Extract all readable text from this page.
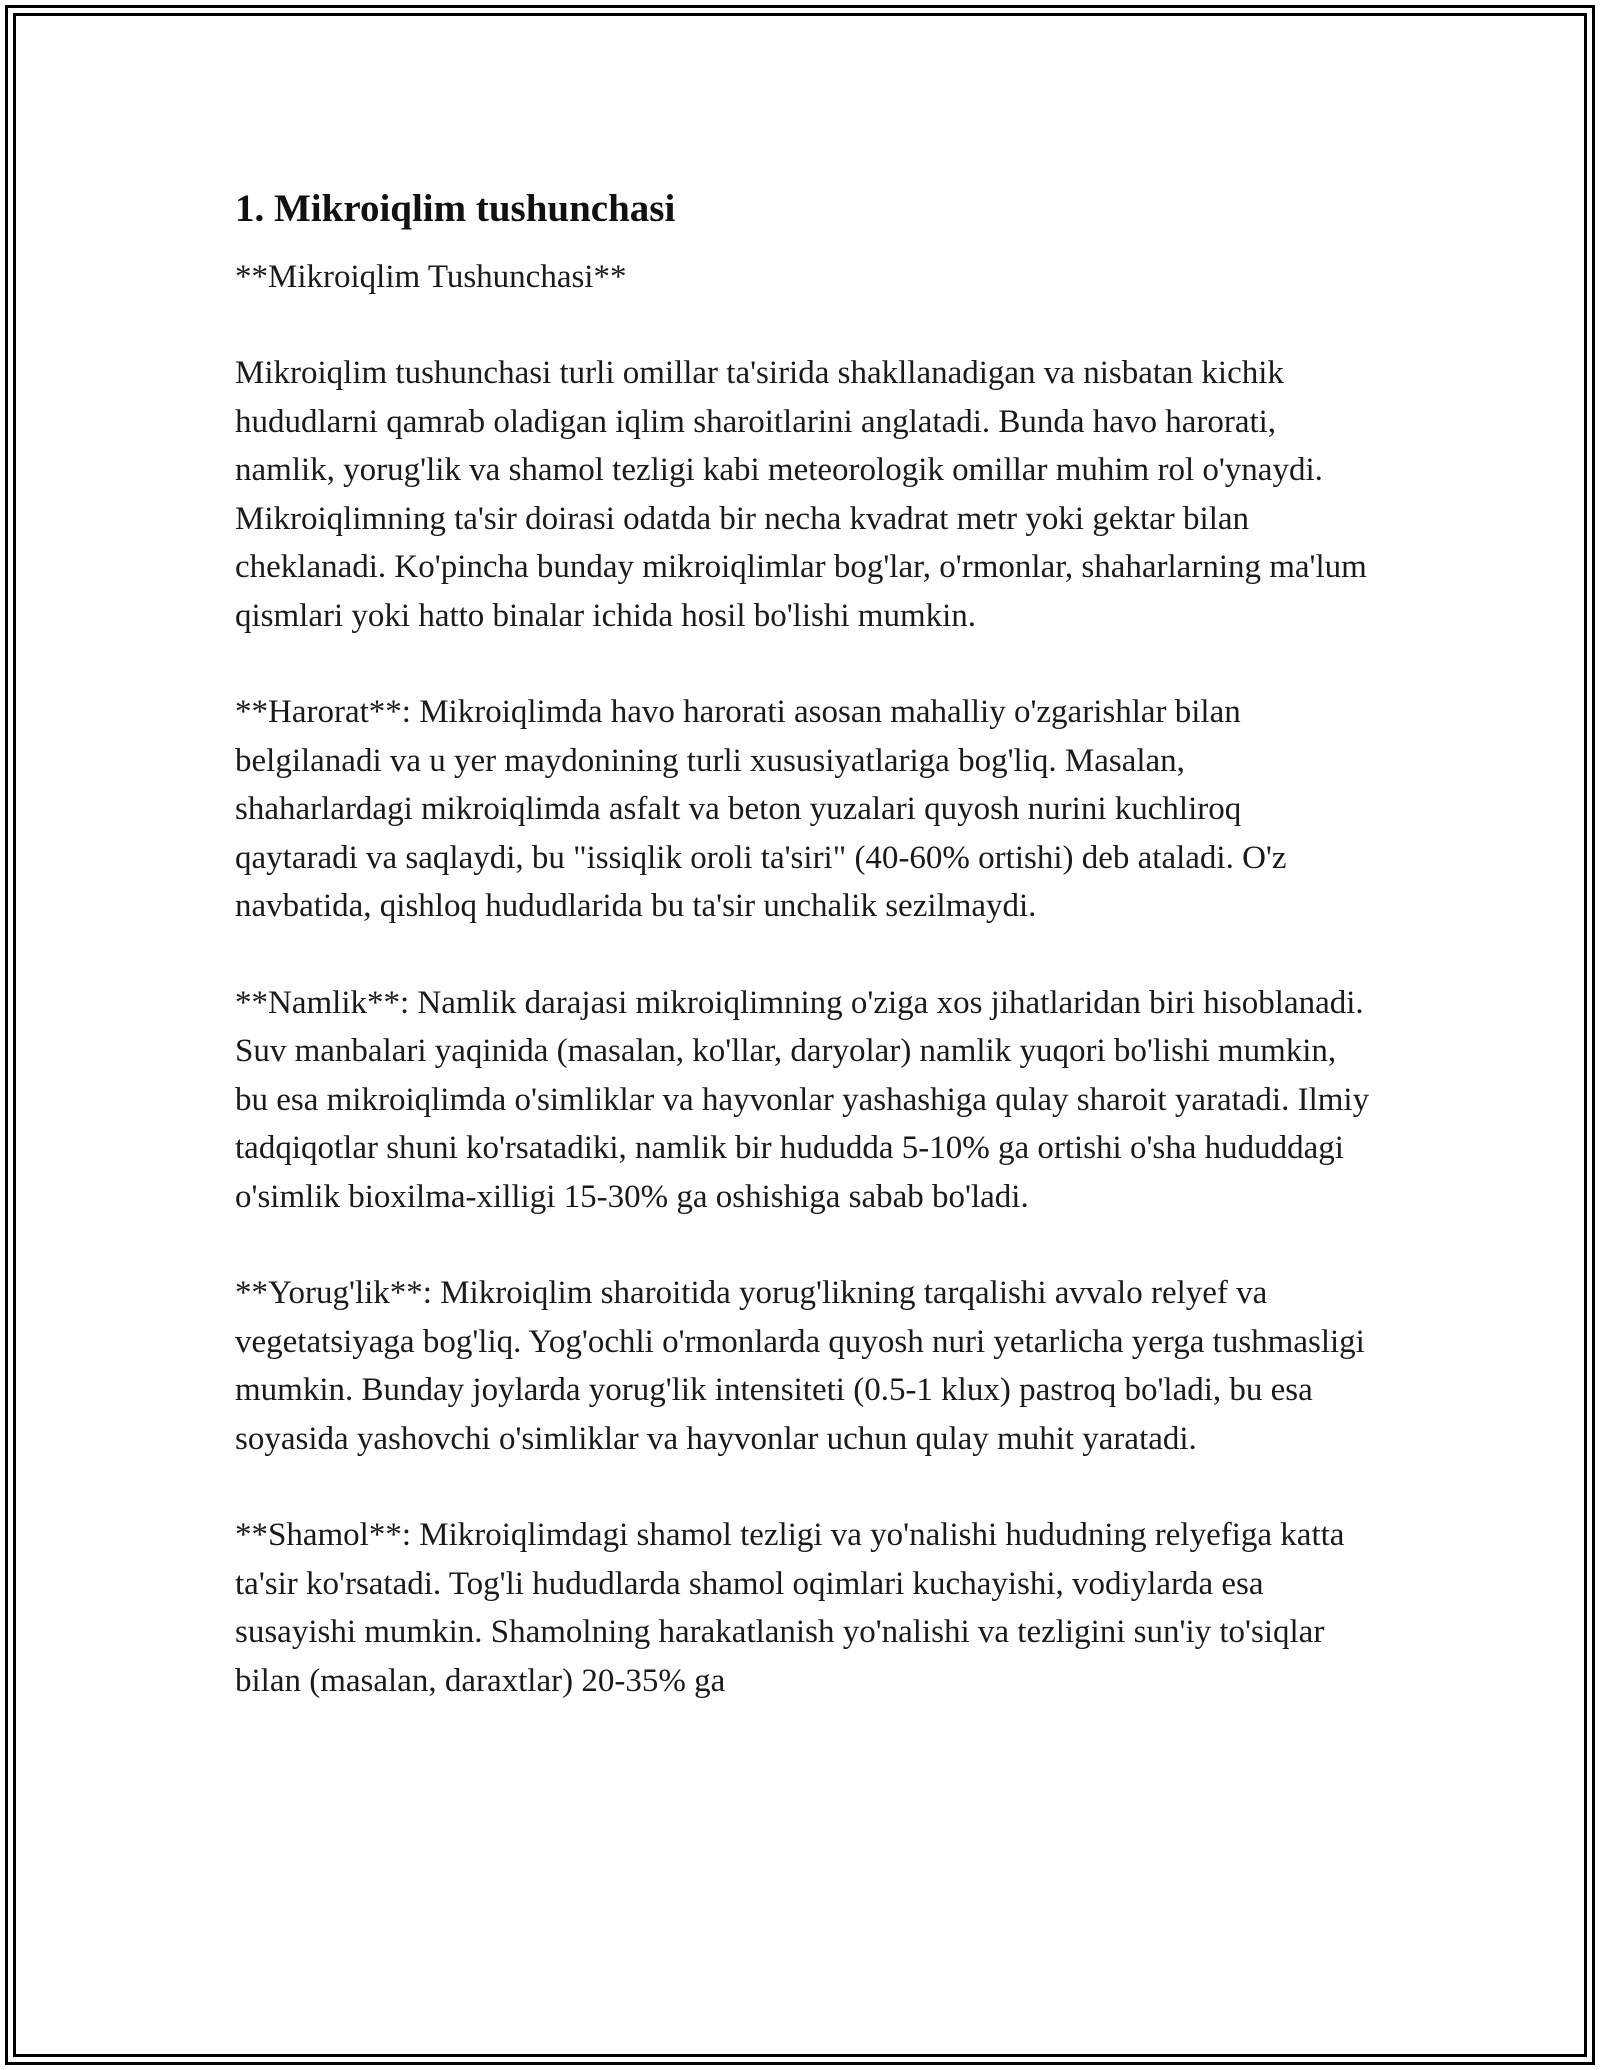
1. Mikroiqlim tushunchasi

**Mikroiqlim Tushunchasi**

Mikroiqlim tushunchasi turli omillar ta'sirida shakllanadigan va nisbatan kichik hududlarni qamrab oladigan iqlim sharoitlarini anglatadi. Bunda havo harorati, namlik, yorug'lik va shamol tezligi kabi meteorologik omillar muhim rol o'ynaydi. Mikroiqlimning ta'sir doirasi odatda bir necha kvadrat metr yoki gektar bilan cheklanadi. Ko'pincha bunday mikroiqlimlar bog'lar, o'rmonlar, shaharlarning ma'lum qismlari yoki hatto binalar ichida hosil bo'lishi mumkin.

**Harorat**: Mikroiqlimda havo harorati asosan mahalliy o'zgarishlar bilan belgilanadi va u yer maydonining turli xususiyatlariga bog'liq. Masalan, shaharlardagi mikroiqlimda asfalt va beton yuzalari quyosh nurini kuchliroq qaytaradi va saqlaydi, bu "issiqlik oroli ta'siri" (40-60% ortishi) deb ataladi. O'z navbatida, qishloq hududlarida bu ta'sir unchalik sezilmaydi.

**Namlik**: Namlik darajasi mikroiqlimning o'ziga xos jihatlaridan biri hisoblanadi. Suv manbalari yaqinida (masalan, ko'llar, daryolar) namlik yuqori bo'lishi mumkin, bu esa mikroiqlimda o'simliklar va hayvonlar yashashiga qulay sharoit yaratadi. Ilmiy tadqiqotlar shuni ko'rsatadiki, namlik bir hududda 5-10% ga ortishi o'sha hududdagi o'simlik bioxilma-xilligi 15-30% ga oshishiga sabab bo'ladi.

**Yorug'lik**: Mikroiqlim sharoitida yorug'likning tarqalishi avvalo relyef va vegetatsiyaga bog'liq. Yog'ochli o'rmonlarda quyosh nuri yetarlicha yerga tushmasligi mumkin. Bunday joylarda yorug'lik intensiteti (0.5-1 klux) pastroq bo'ladi, bu esa soyasida yashovchi o'simliklar va hayvonlar uchun qulay muhit yaratadi.

**Shamol**: Mikroiqlimdagi shamol tezligi va yo'nalishi hududning relyefiga katta ta'sir ko'rsatadi. Tog'li hududlarda shamol oqimlari kuchayishi, vodiylarda esa susayishi mumkin. Shamolning harakatlanish yo'nalishi va tezligini sun'iy to'siqlar bilan (masalan, daraxtlar) 20-35% ga
